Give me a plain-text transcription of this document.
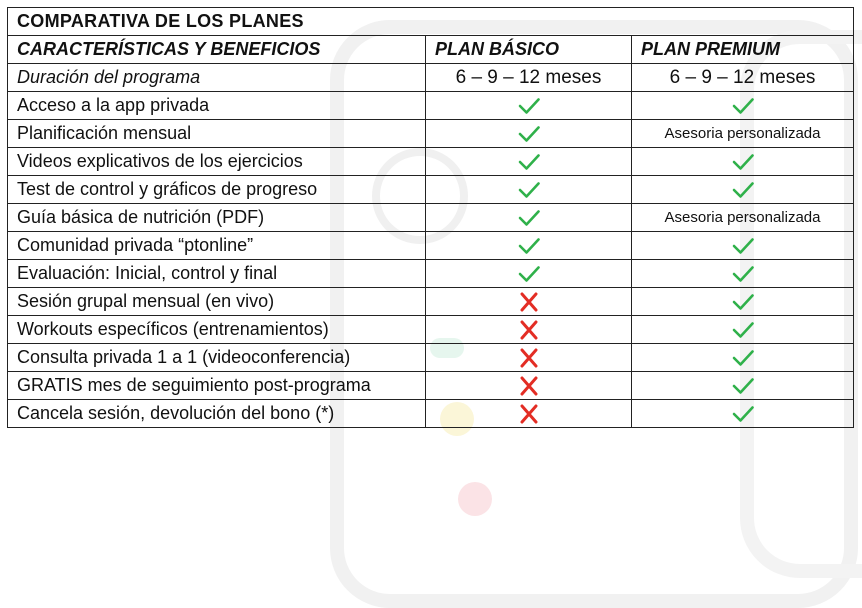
COMPARATIVA DE LOS PLANES		
CARACTERÍSTICAS Y BENEFICIOS	PLAN BÁSICO	PLAN PREMIUM
Duración del programa	6 – 9 – 12 meses	6 – 9 – 12 meses
Acceso a la app privada		
Planificación mensual		Asesoria personalizada
Videos explicativos de los ejercicios		
Test de control y gráficos de progreso		
Guía básica de nutrición (PDF)		Asesoria personalizada
Comunidad privada “ptonline”		
Evaluación: Inicial, control y final		
Sesión grupal mensual (en vivo)		
Workouts específicos (entrenamientos)		
Consulta privada 1 a 1 (videoconferencia)		
GRATIS mes de seguimiento post-programa		
Cancela sesión, devolución del bono (*)		
